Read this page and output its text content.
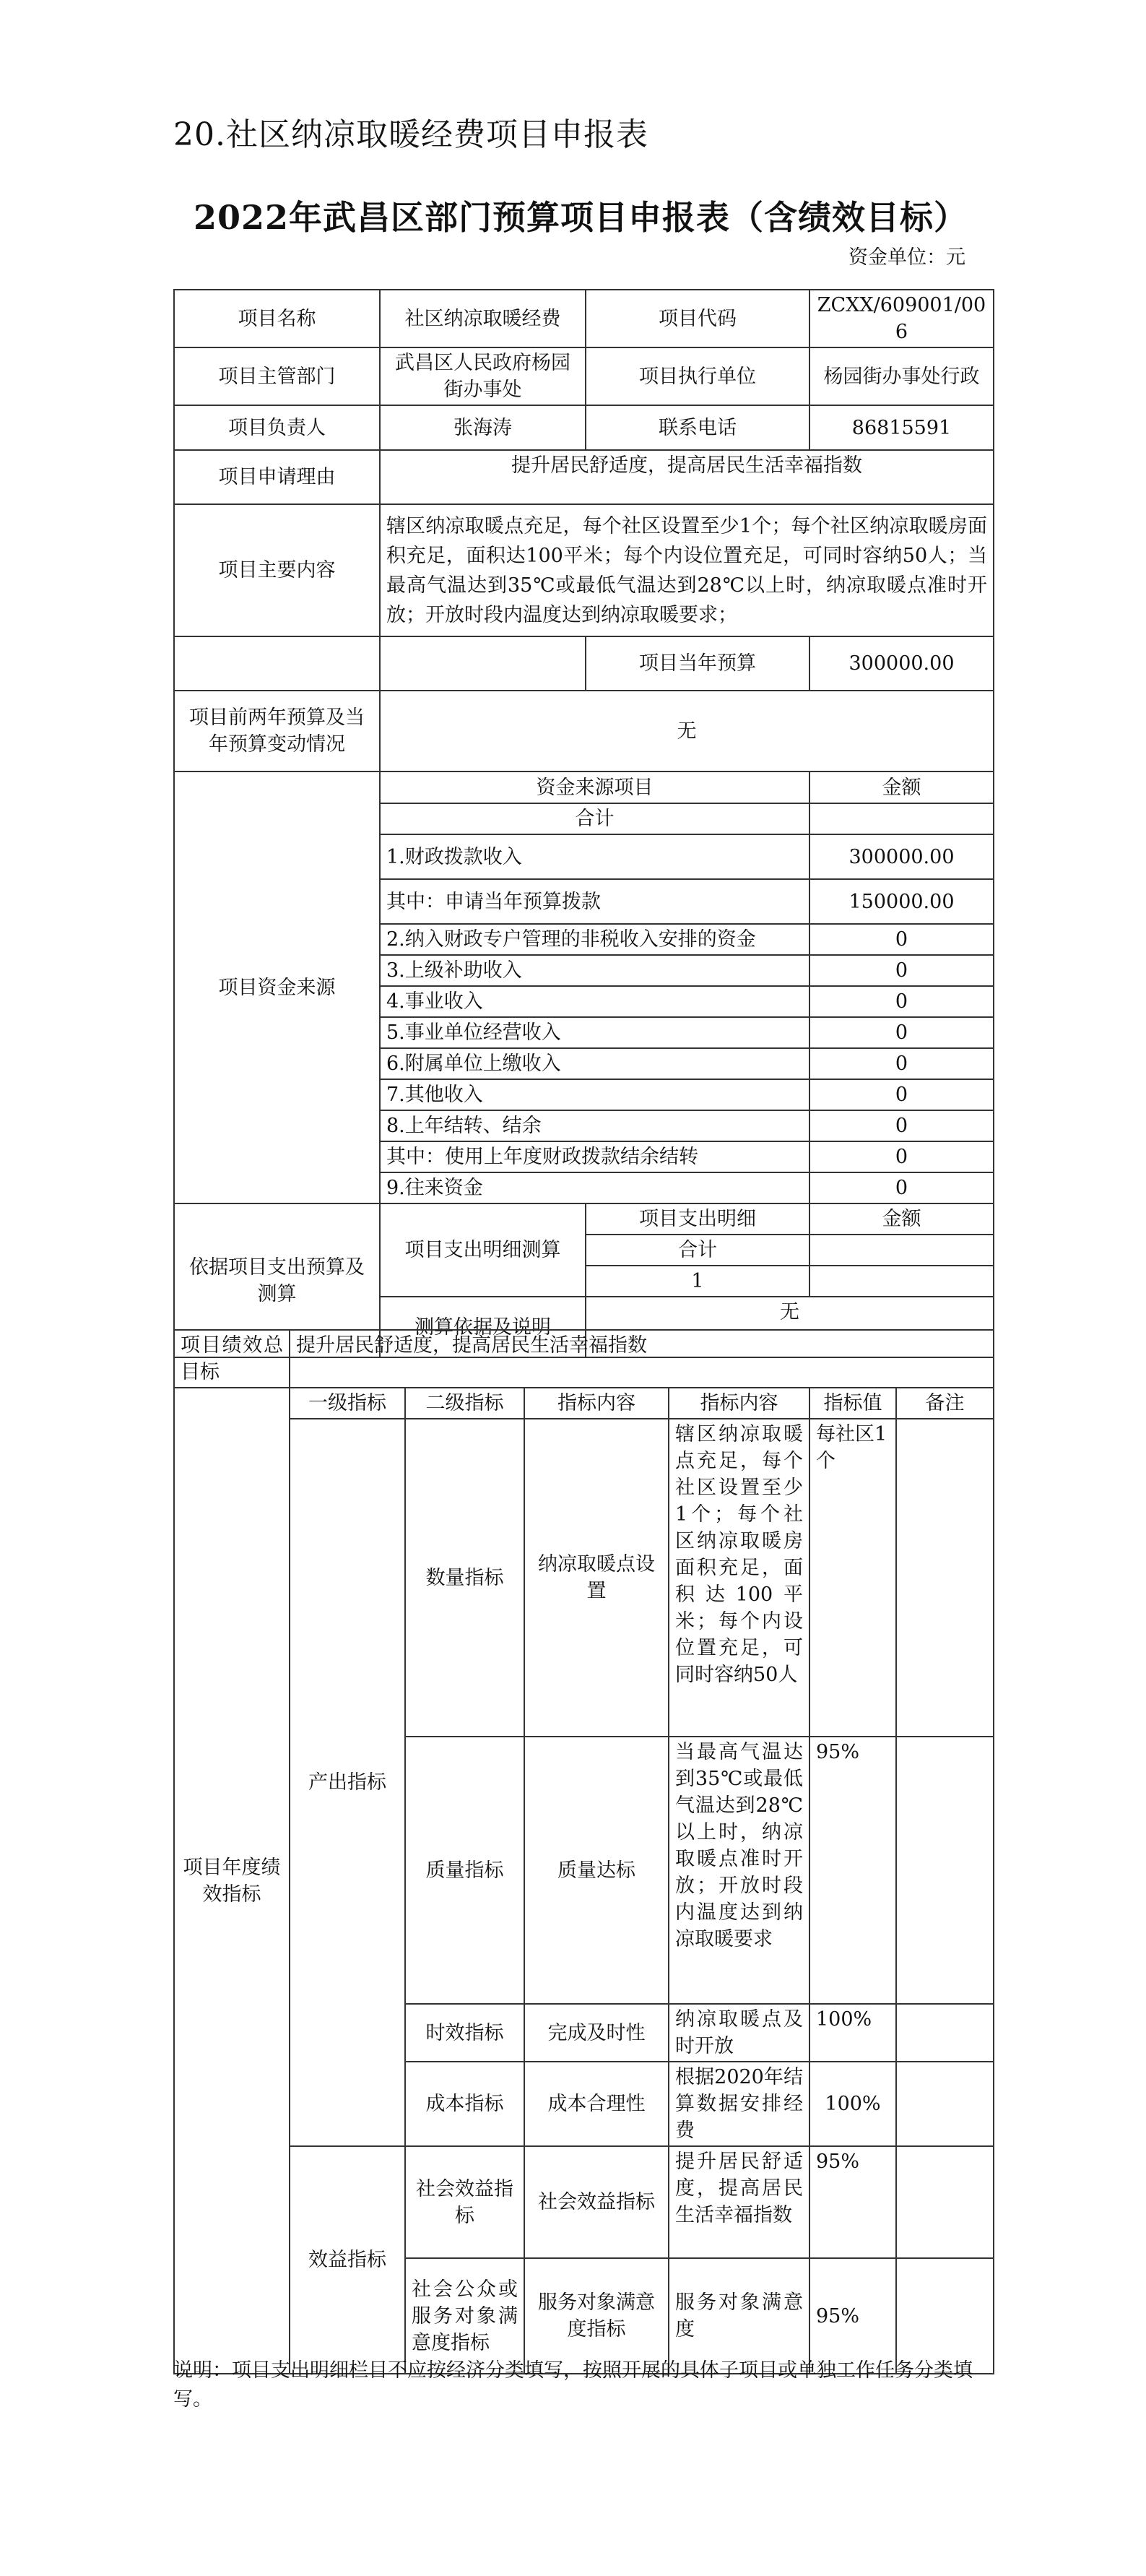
20.社区纳凉取暖经费项目申报表
2022年武昌区部门预算项目申报表（含绩效目标）
资金单位：元
项目名称	社区纳凉取暖经费	项目代码	ZCXX/609001/006
项目主管部门	武昌区人民政府杨园街办事处	项目执行单位	杨园街办事处行政
项目负责人	张海涛	联系电话	86815591
项目申请理由	提升居民舒适度，提高居民生活幸福指数		
项目主要内容	辖区纳凉取暖点充足，每个社区设置至少1个；每个社区纳凉取暖房面积充足，面积达100平米；每个内设位置充足，可同时容纳50人；当最高气温达到35℃或最低气温达到28℃以上时，纳凉取暖点准时开放；开放时段内温度达到纳凉取暖要求；		
		项目当年预算	300000.00
项目前两年预算及当年预算变动情况	无		
项目资金来源	资金来源项目		金额
	合计		
	1.财政拨款收入		300000.00
	其中：申请当年预算拨款		150000.00
	2.纳入财政专户管理的非税收入安排的资金		0
	3.上级补助收入		0
	4.事业收入		0
	5.事业单位经营收入		0
	6.附属单位上缴收入		0
	7.其他收入		0
	8.上年结转、结余		0
	其中：使用上年度财政拨款结余结转		0
	9.往来资金		0
依据项目支出预算及测算	项目支出明细测算	项目支出明细	金额
		合计	
		1	
	测算依据及说明	无	
项目绩效总目标	提升居民舒适度，提高居民生活幸福指数					
项目年度绩效指标	一级指标	二级指标	指标内容	指标内容	指标值	备注
	产出指标	数量指标	纳凉取暖点设置	辖区纳凉取暖点充足，每个社区设置至少1个；每个社区纳凉取暖房面积充足，面积达100平米；每个内设位置充足，可同时容纳50人	每社区1个	
		质量指标	质量达标	当最高气温达到35℃或最低气温达到28℃以上时，纳凉取暖点准时开放；开放时段内温度达到纳凉取暖要求	95%	
		时效指标	完成及时性	纳凉取暖点及时开放	100%	
		成本指标	成本合理性	根据2020年结算数据安排经费	100%	
	效益指标	社会效益指标	社会效益指标	提升居民舒适度，提高居民生活幸福指数	95%	
		社会公众或服务对象满意度指标	服务对象满意度指标	服务对象满意度	95%	
说明：项目支出明细栏目不应按经济分类填写，按照开展的具体子项目或单独工作任务分类填写。
